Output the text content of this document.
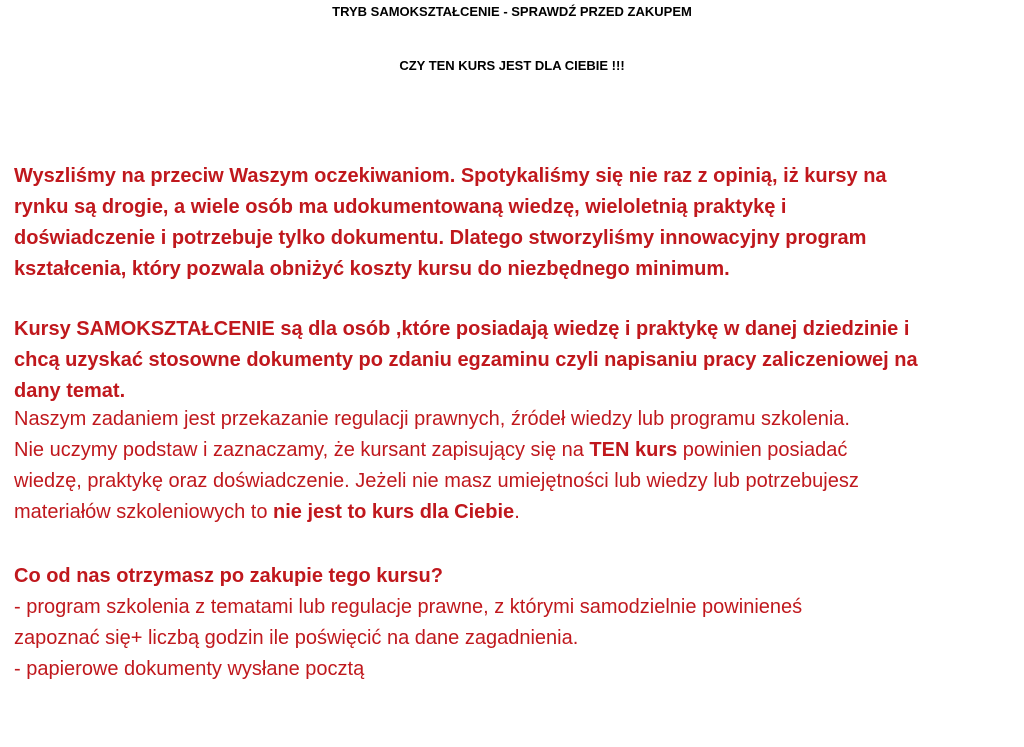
TRYB SAMOKSZTAŁCENIE - SPRAWDŹ PRZED ZAKUPEM
CZY TEN KURS JEST DLA CIEBIE !!!
Wyszliśmy na przeciw Waszym oczekiwaniom. Spotykaliśmy się nie raz z opinią, iż kursy na
rynku są drogie, a wiele osób ma udokumentowaną wiedzę, wieloletnią praktykę i
doświadczenie i potrzebuje tylko dokumentu. Dlatego stworzyliśmy innowacyjny program
kształcenia, który pozwala obniżyć koszty kursu do niezbędnego minimum.
Kursy SAMOKSZTAŁCENIE są dla osób ,które posiadają wiedzę i praktykę w danej dziedzinie i
chcą uzyskać stosowne dokumenty po zdaniu egzaminu czyli napisaniu pracy zaliczeniowej na
dany temat.
Naszym zadaniem jest przekazanie regulacji prawnych, źródeł wiedzy lub programu szkolenia.
Nie uczymy podstaw i zaznaczamy, że kursant zapisujący się na TEN kurs powinien posiadać
wiedzę, praktykę oraz doświadczenie. Jeżeli nie masz umiejętności lub wiedzy lub potrzebujesz
materiałów szkoleniowych to nie jest to kurs dla Ciebie.
Co od nas otrzymasz po zakupie tego kursu?
- program szkolenia z tematami lub regulacje prawne, z którymi samodzielnie powinieneś
zapoznać się+ liczbą godzin ile poświęcić na dane zagadnienia.
- papierowe dokumenty wysłane pocztą
